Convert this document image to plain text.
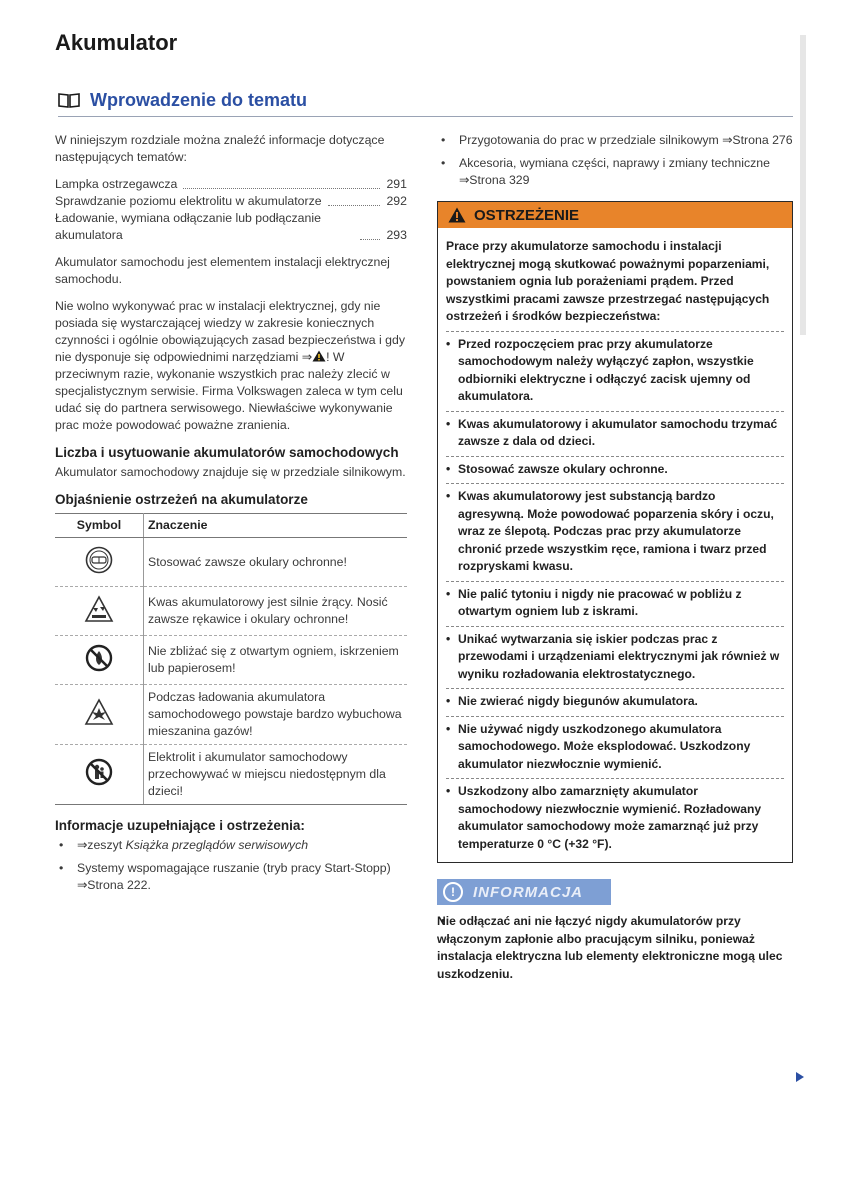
Akumulator
Wprowadzenie do tematu

W niniejszym rozdziale można znaleźć informacje dotyczące następujących tematów:

Lampka ostrzegawcza	291
Sprawdzanie poziomu elektrolitu w akumulatorze	292
Ładowanie, wymiana odłączanie lub podłączanie akumulatora	293

Akumulator samochodu jest elementem instalacji elektrycznej samochodu.

Nie wolno wykonywać prac w instalacji elektrycznej, gdy nie posiada się wystarczającej wiedzy w zakresie koniecznych czynności i ogólnie obowiązujących zasad bezpieczeństwa i gdy nie dysponuje się odpowiednimi narzędziami ⇒ ! W przeciwnym razie, wykonanie wszystkich prac należy zlecić w specjalistycznym serwisie. Firma Volkswagen zaleca w tym celu udać się do partnera serwisowego. Niewłaściwe wykonywanie prac może powodować poważne zranienia.

Liczba i usytuowanie akumulatorów samochodowych

Akumulator samochodowy znajduje się w przedziale silnikowym.

Objaśnienie ostrzeżeń na akumulatorze
Symbol	Znaczenie
	Stosować zawsze okulary ochronne!
	Kwas akumulatorowy jest silnie żrący. Nosić zawsze rękawice i okulary ochronne!
	Nie zbliżać się z otwartym ogniem, iskrzeniem lub papierosem!
	Podczas ładowania akumulatora samochodowego powstaje bardzo wybuchowa mieszanina gazów!
	Elektrolit i akumulator samochodowy przechowywać w miejscu niedostępnym dla dzieci!
Informacje uzupełniające i ostrzeżenia:
• ⇒zeszyt Książka przeglądów serwisowych
• Systemy wspomagające ruszanie (tryb pracy Start-Stopp) ⇒Strona 222.
• Przygotowania do prac w przedziale silnikowym ⇒Strona 276
• Akcesoria, wymiana części, naprawy i zmiany techniczne ⇒Strona 329
OSTRZEŻENIE

Prace przy akumulatorze samochodu i instalacji elektrycznej mogą skutkować poważnymi poparzeniami, powstaniem ognia lub porażeniami prądem. Przed wszystkimi pracami zawsze przestrzegać następujących ostrzeżeń i środków bezpieczeństwa:

• Przed rozpoczęciem prac przy akumulatorze samochodowym należy wyłączyć zapłon, wszystkie odbiorniki elektryczne i odłączyć zacisk ujemny od akumulatora.

• Kwas akumulatorowy i akumulator samochodu trzymać zawsze z dala od dzieci.

• Stosować zawsze okulary ochronne.

• Kwas akumulatorowy jest substancją bardzo agresywną. Może powodować poparzenia skóry i oczu, wraz ze ślepotą. Podczas prac przy akumulatorze chronić przede wszystkim ręce, ramiona i twarz przed rozpryskami kwasu.

• Nie palić tytoniu i nigdy nie pracować w pobliżu z otwartym ogniem lub z iskrami.

• Unikać wytwarzania się iskier podczas prac z przewodami i urządzeniami elektrycznymi jak również w wyniku rozładowania elektrostatycznego.

• Nie zwierać nigdy biegunów akumulatora.

• Nie używać nigdy uszkodzonego akumulatora samochodowego. Może eksplodować. Uszkodzony akumulator niezwłocznie wymienić.

• Uszkodzony albo zamarznięty akumulator samochodowy niezwłocznie wymienić. Rozładowany akumulator samochodowy może zamarznąć już przy temperaturze 0 °C (+32 °F).

!	INFORMACJA
• Nie odłączać ani nie łączyć nigdy akumulatorów przy włączonym zapłonie albo pracującym silniku, ponieważ instalacja elektryczna lub elementy elektroniczne mogą ulec uszkodzeniu.
